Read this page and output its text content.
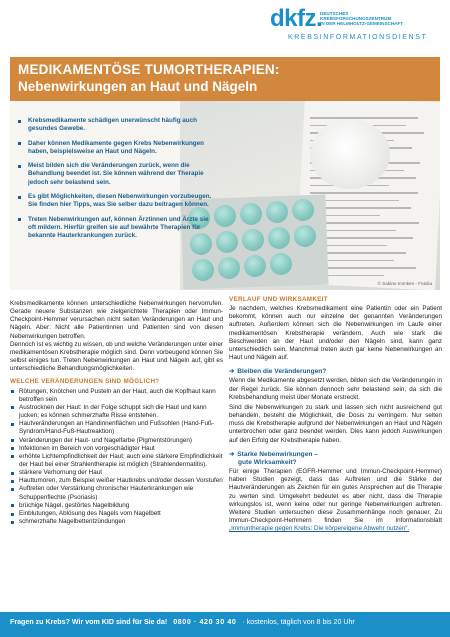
dkfz.
DEUTSCHES
KREBSFORSCHUNGSZENTRUM
IN DER HELMHOLTZ-GEMEINSCHAFT
KREBSINFORMATIONSDIENST
© Sabine Immken - Fotolia
MEDIKAMENTÖSE TUMORTHERAPIEN:
Nebenwirkungen an Haut und Nägeln
Krebsmedikamente schädigen unerwünscht häufig auch gesundes Gewebe.
Daher können Medikamente gegen Krebs Nebenwirkungen haben, beispielsweise an Haut und Nägeln.
Meist bilden sich die Veränderungen zurück, wenn die Behandlung beendet ist. Sie können während der Therapie jedoch sehr belastend sein.
Es gibt Möglichkeiten, diesen Nebenwirkungen vorzubeugen. Sie finden hier Tipps, was Sie selber dazu beitragen können.
Treten Nebenwirkungen auf, können Ärztinnen und Ärzte sie oft mildern. Hierfür greifen sie auf bewährte Therapien für bekannte Hauterkrankungen zurück.

Krebsmedikamente können unterschiedliche Nebenwirkungen hervorrufen. Gerade neuere Substanzen wie zielgerichtete Therapien oder Immun-Checkpoint-Hemmer verursachen nicht selten Veränderungen an Haut und Nägeln. Aber: Nicht alle Patientinnen und Patienten sind von diesen Nebenwirkungen betroffen.

Dennoch ist es wichtig zu wissen, ob und welche Veränderungen unter einer medikamentösen Krebstherapie möglich sind. Denn vorbeugend können Sie selbst einiges tun. Treten Nebenwirkungen an Haut und Nägeln auf, gibt es unterschiedliche Behandlungsmöglichkeiten.

WELCHE VERÄNDERUNGEN SIND MÖGLICH?
Rötungen, Knötchen und Pusteln an der Haut, auch die Kopfhaut kann betroffen sein
Austrocknen der Haut: In der Folge schuppt sich die Haut und kann jucken; es können schmerzhafte Risse entstehen.
Hautveränderungen an Handinnenflächen und Fußsohlen (Hand-Fuß-Syndrom/Hand-Fuß-Hautreaktion)
Veränderungen der Haut- und Nagelfarbe (Pigmentstörungen)
Infektionen im Bereich von vorgeschädigter Haut
erhöhte Lichtempfindlichkeit der Haut; auch eine stärkere Empfindlichkeit der Haut bei einer Strahlentherapie ist möglich (Strahlendermatitis).
stärkere Verhornung der Haut
Hauttumoren, zum Beispiel weißer Hautkrebs und/oder dessen Vorstufen
Auftreten oder Verstärkung chronischer Hauterkrankungen wie Schuppenflechte (Psoriasis)
brüchige Nägel, gestörtes Nagelbildung
Einblutungen, Ablösung des Nagels vom Nagelbett
schmerzhafte Nagelbettentzündungen
VERLAUF UND WIRKSAMKEIT

Je nachdem, welches Krebsmedikament eine Patientin oder ein Patient bekommt, können auch nur einzelne der genannten Veränderungen auftreten. Außerdem können sich die Nebenwirkungen im Laufe einer medikamentösen Krebstherapie verändern. Auch wie stark die Beschwerden an der Haut und/oder den Nägeln sind, kann ganz unterschiedlich sein. Manchmal treten auch gar keine Nebenwirkungen an Haut und Nägeln auf.

➔ Bleiben die Veränderungen?

Wenn die Medikamente abgesetzt werden, bilden sich die Veränderungen in der Regel zurück. Sie können dennoch sehr belastend sein, da sich die Krebsbehandlung meist über Monate erstreckt.

Sind die Nebenwirkungen zu stark und lassen sich nicht ausreichend gut behandeln, besteht die Möglichkeit, die Dosis zu verringern. Nur selten muss die Krebstherapie aufgrund der Nebenwirkungen an Haut und Nägeln unterbrochen oder ganz beendet werden. Dies kann jedoch Auswirkungen auf den Erfolg der Krebstherapie haben.

➔ Starke Nebenwirkungen –
gute Wirksamkeit?

Für einige Therapien (EGFR-Hemmer und Immun-Checkpoint-Hemmer) haben Studien gezeigt, dass das Auftreten und die Stärke der Hautveränderungen als Zeichen für ein gutes Ansprechen auf die Therapie zu werten sind. Umgekehrt bedeutet es aber nicht, dass die Therapie wirkungslos ist, wenn keine oder nur geringe Nebenwirkungen auftreten. Weitere Studien untersuchen diese Zusammenhänge noch genauer. Zu Immun-Checkpoint-Hemmern finden Sie im Informationsblatt „Immuntherapie gegen Krebs: Die körpereigene Abwehr nutzen“.

Fragen zu Krebs? Wir vom KID sind für Sie da! 0800 · 420 30 40 · kostenlos, täglich von 8 bis 20 Uhr
